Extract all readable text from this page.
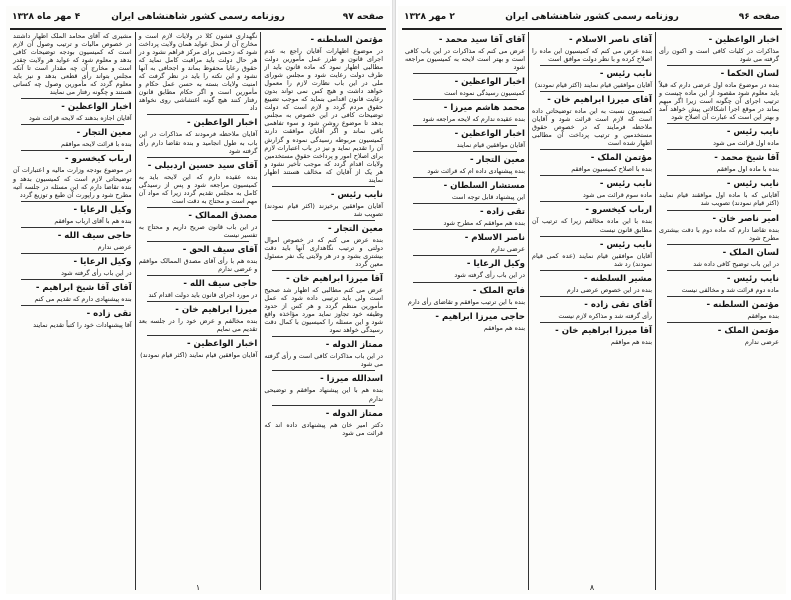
صفحه ۹۷
روزنامه رسمی کشور شاهنشاهی ایران
۴ مهر ماه ۱۳۲۸
مؤتمن السلطنه -

در موضوع اظهارات آقایان راجع به عدم اجرای قانون و طرز عمل مأمورین دولت مطالبی اظهار نمود که ماده قانون باید از طرف دولت رعایت شود و مجلس شورای ملی در این باب نظارت لازم را معمول خواهد داشت و هیچ کس نمی تواند بدون رعایت قانون اقدامی بنماید که موجب تضییع حقوق مردم گردد و لازم است که دولت توضیحات کافی در این خصوص به مجلس بدهد تا موضوع روشن شود و سوء تفاهمی باقی نماند و اگر آقایان موافقت دارند کمیسیون مربوطه رسیدگی نموده و گزارش آن را تقدیم نماید و نیز در باب اعتبارات لازم برای اصلاح امور و پرداخت حقوق مستخدمین ولایات اقدام گردد که موجب تأخیر نشود و هر یک از آقایان که مخالف هستند اظهار نمایند

نایب رئیس -

آقایان موافقین برخیزند (اکثر قیام نمودند) تصویب شد

معین التجار -

بنده عرض می کنم که در خصوص اموال دولتی و ترتیب نگاهداری آنها باید دقت بیشتری بشود و در هر ولایتی یک نفر مسئول معین گردد

آقا میرزا ابراهیم خان -

عرض می کنم مطالبی که اظهار شد صحیح است ولی باید ترتیبی داده شود که عمل مأمورین منظم گردد و هر کس از حدود وظیفه خود تجاوز نماید مورد مؤاخذه واقع شود و این مسئله را کمیسیون با کمال دقت رسیدگی خواهد نمود

ممتاز الدوله -

در این باب مذاکرات کافی است و رأی گرفته می شود

اسدالله میرزا -

بنده هم با این پیشنهاد موافقم و توضیحی ندارم

ممتاز الدوله -

دکتر امیر خان هم پیشنهادی داده اند که قرائت می شود

نگهداری قشون کلا در ولایات لازم است و مخارج آن از محل عواید همان ولایت پرداخت شود که زحمتی برای مرکز فراهم نشود و در هر حال دولت باید مراقبت کامل نماید که حقوق رعایا محفوظ بماند و اجحافی به آنها نشود و این نکته را باید در نظر گرفت که امنیت ولایات بسته به حسن عمل حکام و مأمورین است و اگر حکام مطابق قانون رفتار کنند هیچ گونه اغتشاشی روی نخواهد داد

اخبار الواعظین -

آقایان ملاحظه فرمودند که مذاکرات در این باب به طول انجامید و بنده تقاضا دارم رأی گرفته شود

آقای سید حسین اردبیلی -

بنده عقیده دارم که این لایحه باید به کمیسیون مراجعه شود و پس از رسیدگی کامل به مجلس تقدیم گردد زیرا که مواد آن مهم است و محتاج به دقت است

مصدق الممالک -

در این باب قانون صریح داریم و محتاج به تفسیر نیست

آقای سیف الحق -

بنده هم با رأی آقای مصدق الممالک موافقم و عرضی ندارم

حاجی سیف الله -

در مورد اجرای قانون باید دولت اقدام کند

میرزا ابراهیم خان -

بنده مخالفم و عرض خود را در جلسه بعد تقدیم می نمایم

اخبار الواعظین -

آقایان موافقین قیام نمایند (اکثر قیام نمودند)

مشیری که آقای محامد الملک اظهار داشتند در خصوص مالیات و ترتیب وصول آن لازم است که کمیسیون بودجه توضیحات کافی بدهد و معلوم شود که عواید هر ولایت چقدر است و مخارج آن چه مقدار است تا آنکه مجلس بتواند رأی قطعی بدهد و نیز باید معلوم گردد که مأمورین وصول چه کسانی هستند و چگونه رفتار می نمایند

اخبار الواعظین -

آقایان اجازه بدهند که لایحه قرائت شود

معین التجار -

بنده با قرائت لایحه موافقم

ارباب کیخسرو -

در موضوع بودجه وزارت مالیه و اعتبارات آن توضیحاتی لازم است که کمیسیون بدهد و بنده تقاضا دارم که این مسئله در جلسه آتیه مطرح شود و راپورت آن طبع و توزیع گردد

وکیل الرعایا -

بنده هم با آقای ارباب موافقم

حاجی سیف الله -

عرضی ندارم

وکیل الرعایا -

در این باب رأی گرفته شود

آقای آقا شیخ ابراهیم -

بنده پیشنهادی دارم که تقدیم می کنم

تقی زاده -

آقا پیشنهادات خود را کتباً تقدیم نمایند

۱
صفحه ۹۶
روزنامه رسمی کشور شاهنشاهی ایران
۲ مهر ۱۳۲۸
اخبار الواعظین -

مذاکرات در کلیات کافی است و اکنون رأی گرفته می شود

لسان الحکما -

بنده در موضوع ماده اول عرضی دارم که قبلاً باید معلوم شود مقصود از این ماده چیست و ترتیب اجرای آن چگونه است زیرا اگر مبهم بماند در موقع اجرا اشکالاتی پیش خواهد آمد و بهتر این است که عبارت آن اصلاح شود

نایب رئیس -

ماده اول قرائت می شود

آقا شیخ محمد -

بنده با ماده اول موافقم

نایب رئیس -

آقایانی که با ماده اول موافقند قیام نمایند (اکثر قیام نمودند) تصویب شد

امیر ناصر خان -

بنده تقاضا دارم که ماده دوم با دقت بیشتری مطرح شود

لسان الملک -

در این باب توضیح کافی داده شد

نایب رئیس -

ماده دوم قرائت شد و مخالفی نیست

مؤتمن السلطنه -

بنده موافقم

مؤتمن الملک -

عرضی ندارم

آقای ناصر الاسلام -

بنده عرض می کنم که کمیسیون این ماده را اصلاح کرده و با نظر دولت موافق است

نایب رئیس -

آقایان موافقین قیام نمایند (اکثر قیام نمودند)

آقای میرزا ابراهیم خان -

کمیسیون نسبت به این ماده توضیحاتی داده است که لازم است قرائت شود و آقایان ملاحظه فرمایند که در خصوص حقوق مستخدمین و ترتیب پرداخت آن مطالبی اظهار شده است

مؤتمن الملک -

بنده با اصلاح کمیسیون موافقم

نایب رئیس -

ماده سوم قرائت می شود

ارباب کیخسرو -

بنده با این ماده مخالفم زیرا که ترتیب آن مطابق قانون نیست

نایب رئیس -

آقایان موافقین قیام نمایند (عده کمی قیام نمودند) رد شد

مشیر السلطنه -

بنده در این خصوص عرضی دارم

آقای تقی زاده -

رأی گرفته شد و مذاکره لازم نیست

آقا میرزا ابراهیم خان -

بنده هم موافقم

آقای آقا سید محمد -

عرض می کنم که مذاکرات در این باب کافی است و بهتر است لایحه به کمیسیون مراجعه شود

اخبار الواعظین -

کمیسیون رسیدگی نموده است

محمد هاشم میرزا -

بنده عقیده ندارم که لایحه مراجعه شود

اخبار الواعظین -

آقایان موافقین قیام نمایند

معین التجار -

بنده پیشنهادی داده ام که قرائت شود

مستشار السلطان -

این پیشنهاد قابل توجه است

تقی زاده -

بنده هم موافقم که مطرح شود

ناصر الاسلام -

عرضی ندارم

وکیل الرعایا -

در این باب رأی گرفته شود

فاتح الملک -

بنده با این ترتیب موافقم و تقاضای رأی دارم

حاجی میرزا ابراهیم -

بنده هم موافقم

۸
